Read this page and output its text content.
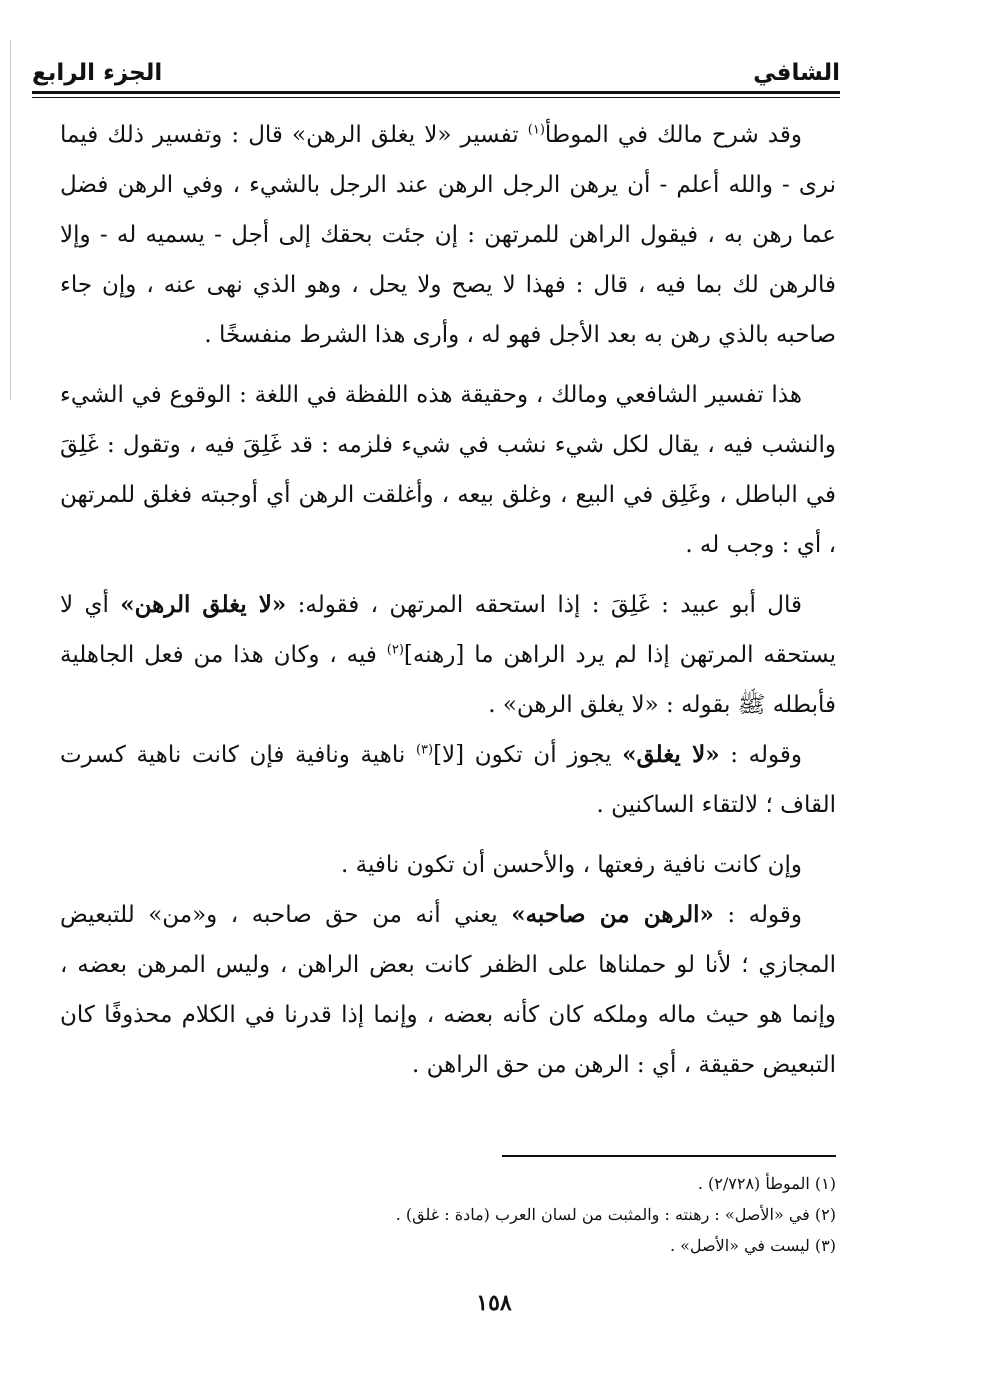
الشافي
الجزء الرابع

وقد شرح مالك في الموطأ$^{(١)}$ تفسير «لا يغلق الرهن» قال : وتفسير ذلك فيما نرى - والله أعلم - أن يرهن الرجل الرهن عند الرجل بالشيء ، وفي الرهن فضل عما رهن به ، فيقول الراهن للمرتهن : إن جئت بحقك إلى أجل - يسميه له - وإلا فالرهن لك بما فيه ، قال : فهذا لا يصح ولا يحل ، وهو الذي نهى عنه ، وإن جاء صاحبه بالذي رهن به بعد الأجل فهو له ، وأرى هذا الشرط منفسخًا .

هذا تفسير الشافعي ومالك ، وحقيقة هذه اللفظة في اللغة : الوقوع في الشيء والنشب فيه ، يقال لكل شيء نشب في شيء فلزمه : قد غَلِقَ فيه ، وتقول : غَلِقَ في الباطل ، وغَلِق في البيع ، وغلق بيعه ، وأغلقت الرهن أي أوجبته فغلق للمرتهن ، أي : وجب له .

قال أبو عبيد : غَلِقَ : إذا استحقه المرتهن ، فقوله: «لا يغلق الرهن» أي لا يستحقه المرتهن إذا لم يرد الراهن ما [رهنه]$^{(٢)}$ فيه ، وكان هذا من فعل الجاهلية فأبطله ﷺ بقوله : «لا يغلق الرهن» .

وقوله : «لا يغلق» يجوز أن تكون [لا]$^{(٣)}$ ناهية ونافية فإن كانت ناهية كسرت القاف ؛ لالتقاء الساكنين .

وإن كانت نافية رفعتها ، والأحسن أن تكون نافية .

وقوله : «الرهن من صاحبه» يعني أنه من حق صاحبه ، و«من» للتبعيض المجازي ؛ لأنا لو حملناها على الظفر كانت بعض الراهن ، وليس المرهن بعضه ، وإنما هو حيث ماله وملكه كان كأنه بعضه ، وإنما إذا قدرنا في الكلام محذوفًا كان التبعيض حقيقة ، أي : الرهن من حق الراهن .

(١) الموطأ (٢/٧٢٨) .

(٢) في «الأصل» : رهنته : والمثبت من لسان العرب (مادة : غلق) .

(٣) ليست في «الأصل» .

١٥٨
